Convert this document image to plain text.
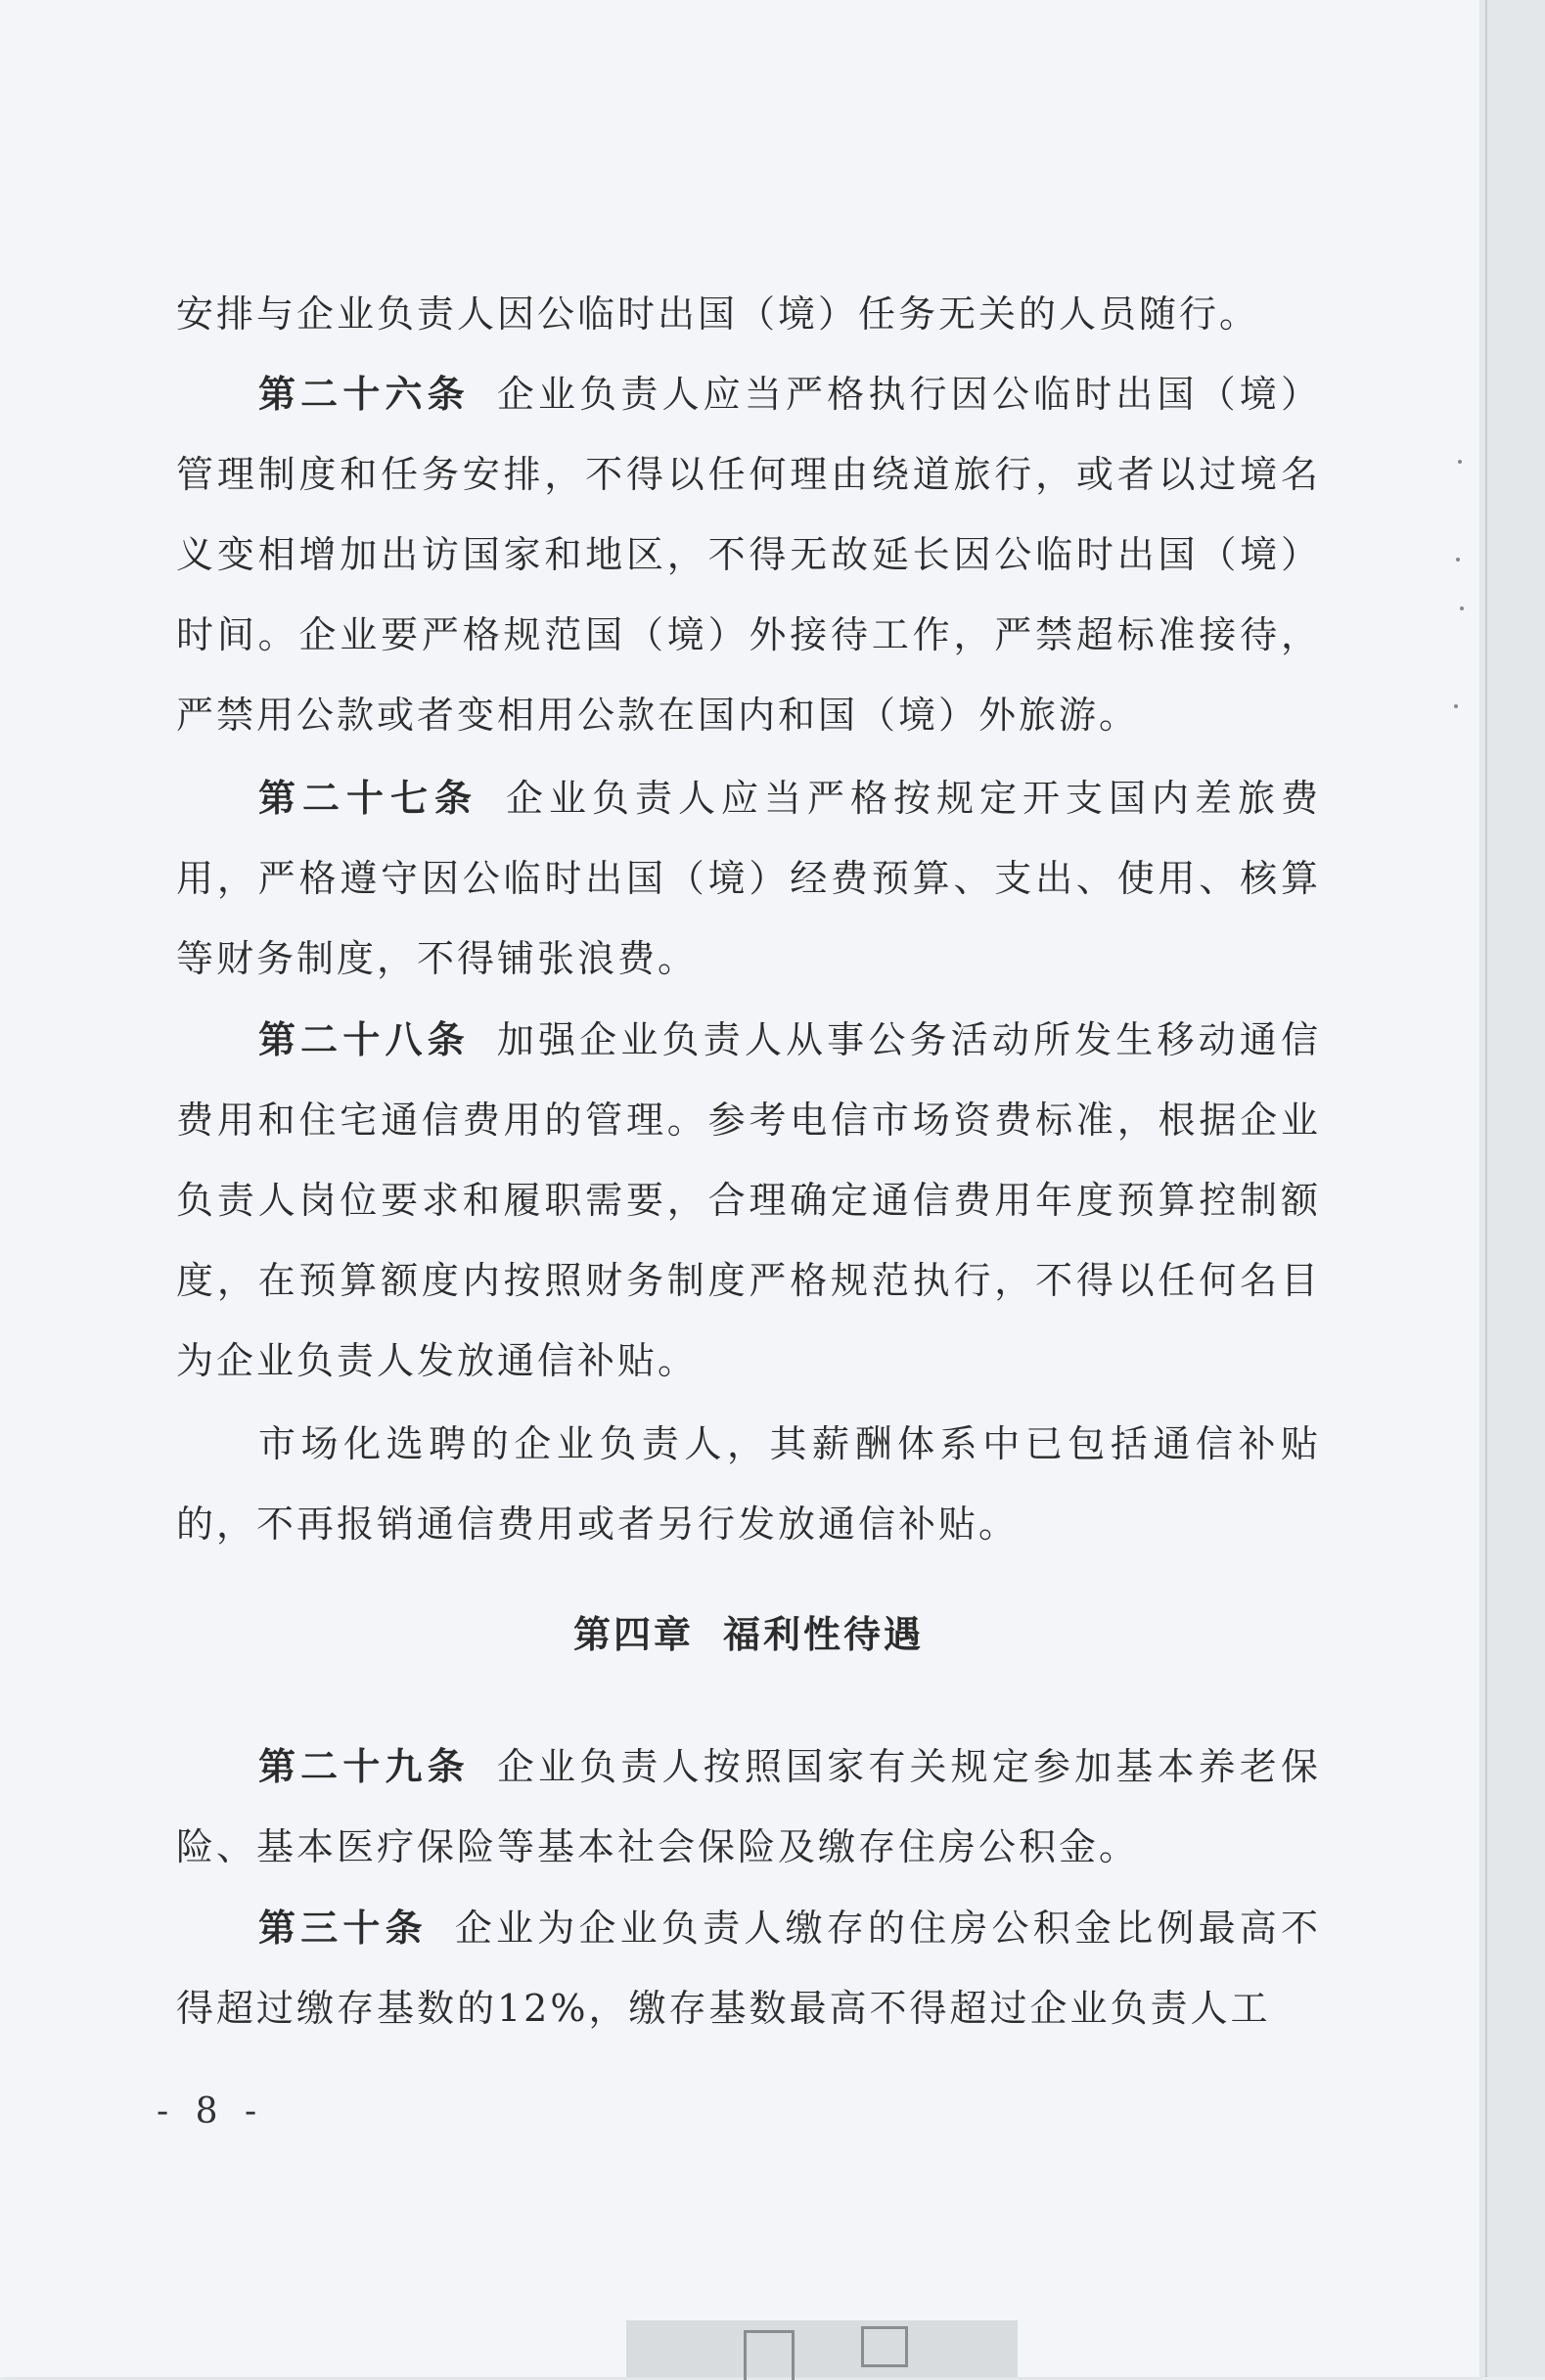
安排与企业负责人因公临时出国（境）任务无关的人员随行。

第二十六条 企业负责人应当严格执行因公临时出国（境）管理制度和任务安排，不得以任何理由绕道旅行，或者以过境名义变相增加出访国家和地区，不得无故延长因公临时出国（境）时间。企业要严格规范国（境）外接待工作，严禁超标准接待，严禁用公款或者变相用公款在国内和国（境）外旅游。

第二十七条 企业负责人应当严格按规定开支国内差旅费用，严格遵守因公临时出国（境）经费预算、支出、使用、核算等财务制度，不得铺张浪费。

第二十八条 加强企业负责人从事公务活动所发生移动通信费用和住宅通信费用的管理。参考电信市场资费标准，根据企业负责人岗位要求和履职需要，合理确定通信费用年度预算控制额度，在预算额度内按照财务制度严格规范执行，不得以任何名目为企业负责人发放通信补贴。

市场化选聘的企业负责人，其薪酬体系中已包括通信补贴的，不再报销通信费用或者另行发放通信补贴。

第四章 福利性待遇

第二十九条 企业负责人按照国家有关规定参加基本养老保险、基本医疗保险等基本社会保险及缴存住房公积金。

第三十条 企业为企业负责人缴存的住房公积金比例最高不得超过缴存基数的12%，缴存基数最高不得超过企业负责人工

- 8 -
